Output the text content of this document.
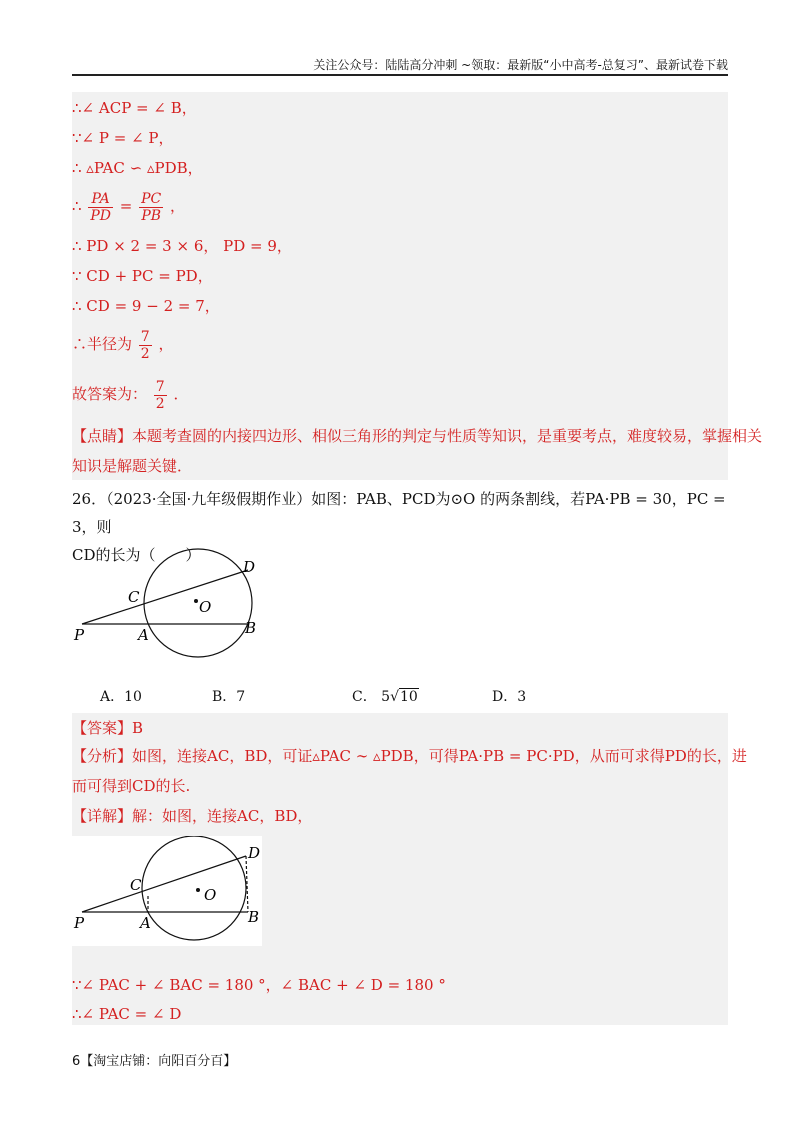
关注公众号：陆陆高分冲刺 ~领取：最新版“小中高考-总复习”、最新试卷下载
∴∠ ACP = ∠ B，
∵∠ P = ∠ P，
∴ ▵PAC ∽ ▵PDB，
∴ $\frac{PA}{PD} = \frac{PC}{PB}$ ，
∴ PD × 2 = 3 × 6， PD = 9，
∵ CD + PC = PD，
∴ CD = 9 − 2 = 7，
∴半径为 $\frac{7}{2}$ ，
故答案为： $\frac{7}{2}$ ．
【点睛】本题考查圆的内接四边形、相似三角形的判定与性质等知识，是重要考点，难度较易，掌握相关
知识是解题关键．
26．（2023·全国·九年级假期作业）如图：PAB、PCD为⊙O 的两条割线，若PA·PB = 30，PC = 3，则
CD的长为（　　）
P	A	B
C
D
O
A．10	B．7	C． 5√10	D．3
【答案】B
【分析】如图，连接AC，BD，可证▵PAC ∼ ▵PDB，可得PA·PB = PC·PD，从而可求得PD的长，进
而可得到CD的长.
【详解】解：如图，连接AC，BD，
P	A	B
C
D
O
∵∠ PAC + ∠ BAC = 180 °，∠ BAC + ∠ D = 180 °
∴∠ PAC = ∠ D
6【淘宝店铺：向阳百分百】
